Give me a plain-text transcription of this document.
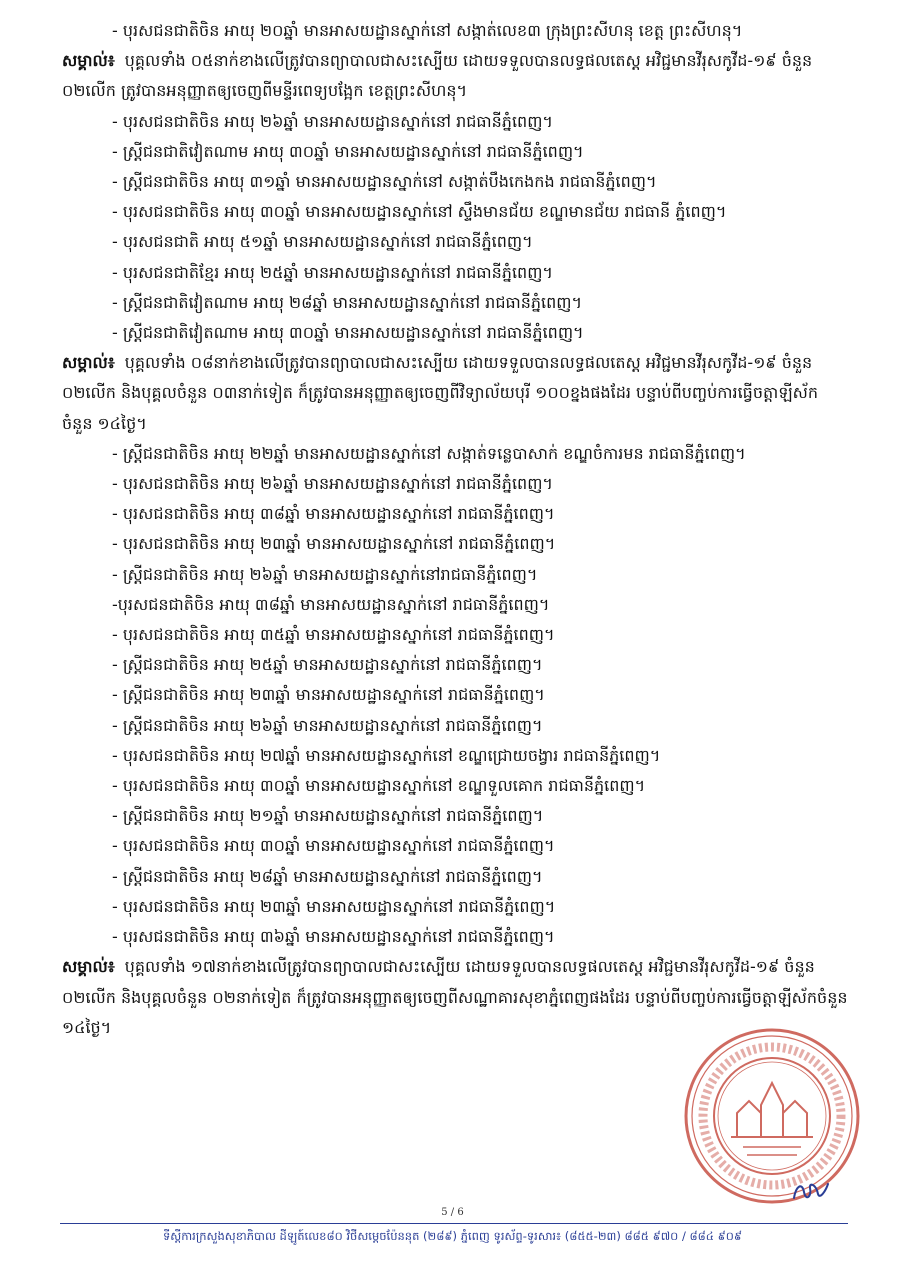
- បុរសជនជាតិចិន អាយុ ២០ឆ្នាំ មានអាសយដ្ឋានស្នាក់នៅ សង្កាត់លេខ៣ ក្រុងព្រះសីហនុ ខេត្ត ព្រះសីហនុ។
សម្គាល់៖ បុគ្គលទាំង ០៥នាក់ខាងលើត្រូវបានព្យាបាលជាសះស្បើយ ដោយទទួលបានលទ្ធផលតេស្ត អវិជ្ជមានវីរុសកូវីដ-១៩ ចំនួន ០២លើក ត្រូវបានអនុញ្ញាតឲ្យចេញពីមន្ទីរពេទ្យបង្អែក ខេត្តព្រះសីហនុ។
- បុរសជនជាតិចិន អាយុ ២៦ឆ្នាំ មានអាសយដ្ឋានស្នាក់នៅ រាជធានីភ្នំពេញ។
- ស្ត្រីជនជាតិវៀតណាម អាយុ ៣០ឆ្នាំ មានអាសយដ្ឋានស្នាក់នៅ រាជធានីភ្នំពេញ។
- ស្ត្រីជនជាតិចិន អាយុ ៣១ឆ្នាំ មានអាសយដ្ឋានស្នាក់នៅ សង្កាត់បឹងកេងកង រាជធានីភ្នំពេញ។
- បុរសជនជាតិចិន អាយុ ៣០ឆ្នាំ មានអាសយដ្ឋានស្នាក់នៅ ស្ទឹងមានជ័យ ខណ្ឌមានជ័យ រាជធានី ភ្នំពេញ។
- បុរសជនជាតិ អាយុ ៥១ឆ្នាំ មានអាសយដ្ឋានស្នាក់នៅ រាជធានីភ្នំពេញ។
- បុរសជនជាតិខ្មែរ អាយុ ២៥ឆ្នាំ មានអាសយដ្ឋានស្នាក់នៅ រាជធានីភ្នំពេញ។
- ស្ត្រីជនជាតិវៀតណាម អាយុ ២៨ឆ្នាំ មានអាសយដ្ឋានស្នាក់នៅ រាជធានីភ្នំពេញ។
- ស្ត្រីជនជាតិវៀតណាម អាយុ ៣០ឆ្នាំ មានអាសយដ្ឋានស្នាក់នៅ រាជធានីភ្នំពេញ។
សម្គាល់៖ បុគ្គលទាំង ០៨នាក់ខាងលើត្រូវបានព្យាបាលជាសះស្បើយ ដោយទទួលបានលទ្ធផលតេស្ត អវិជ្ជមានវីរុសកូវីដ-១៩ ចំនួន ០២លើក និងបុគ្គលចំនួន ០៣នាក់ទៀត ក៏ត្រូវបានអនុញ្ញាតឲ្យចេញពីវិទ្យាល័យបុរី ១០០ខ្នងផងដែរ បន្ទាប់ពីបញ្ចប់ការធ្វើចត្តាឡីស័កចំនួន ១៤ថ្ងៃ។
- ស្ត្រីជនជាតិចិន អាយុ ២២ឆ្នាំ មានអាសយដ្ឋានស្នាក់នៅ សង្កាត់ទន្លេបាសាក់ ខណ្ឌចំការមន រាជធានីភ្នំពេញ។
- បុរសជនជាតិចិន អាយុ ២៦ឆ្នាំ មានអាសយដ្ឋានស្នាក់នៅ រាជធានីភ្នំពេញ។
- បុរសជនជាតិចិន អាយុ ៣៨ឆ្នាំ មានអាសយដ្ឋានស្នាក់នៅ រាជធានីភ្នំពេញ។
- បុរសជនជាតិចិន អាយុ ២៣ឆ្នាំ មានអាសយដ្ឋានស្នាក់នៅ រាជធានីភ្នំពេញ។
- ស្ត្រីជនជាតិចិន អាយុ ២៦ឆ្នាំ មានអាសយដ្ឋានស្នាក់នៅរាជធានីភ្នំពេញ។
-បុរសជនជាតិចិន អាយុ ៣៨ឆ្នាំ មានអាសយដ្ឋានស្នាក់នៅ រាជធានីភ្នំពេញ។
- បុរសជនជាតិចិន អាយុ ៣៥ឆ្នាំ មានអាសយដ្ឋានស្នាក់នៅ រាជធានីភ្នំពេញ។
- ស្ត្រីជនជាតិចិន អាយុ ២៥ឆ្នាំ មានអាសយដ្ឋានស្នាក់នៅ រាជធានីភ្នំពេញ។
- ស្ត្រីជនជាតិចិន អាយុ ២៣ឆ្នាំ មានអាសយដ្ឋានស្នាក់នៅ រាជធានីភ្នំពេញ។
- ស្ត្រីជនជាតិចិន អាយុ ២៦ឆ្នាំ មានអាសយដ្ឋានស្នាក់នៅ រាជធានីភ្នំពេញ។
- បុរសជនជាតិចិន អាយុ ២៧ឆ្នាំ មានអាសយដ្ឋានស្នាក់នៅ ខណ្ឌជ្រោយចង្វារ រាជធានីភ្នំពេញ។
- បុរសជនជាតិចិន អាយុ ៣០ឆ្នាំ មានអាសយដ្ឋានស្នាក់នៅ ខណ្ឌទួលគោក រាជធានីភ្នំពេញ។
- ស្ត្រីជនជាតិចិន អាយុ ២១ឆ្នាំ មានអាសយដ្ឋានស្នាក់នៅ រាជធានីភ្នំពេញ។
- បុរសជនជាតិចិន អាយុ ៣០ឆ្នាំ មានអាសយដ្ឋានស្នាក់នៅ រាជធានីភ្នំពេញ។
- ស្ត្រីជនជាតិចិន អាយុ ២៨ឆ្នាំ មានអាសយដ្ឋានស្នាក់នៅ រាជធានីភ្នំពេញ។
- បុរសជនជាតិចិន អាយុ ២៣ឆ្នាំ មានអាសយដ្ឋានស្នាក់នៅ រាជធានីភ្នំពេញ។
- បុរសជនជាតិចិន អាយុ ៣៦ឆ្នាំ មានអាសយដ្ឋានស្នាក់នៅ រាជធានីភ្នំពេញ។
សម្គាល់៖ បុគ្គលទាំង ១៧នាក់ខាងលើត្រូវបានព្យាបាលជាសះស្បើយ ដោយទទួលបានលទ្ធផលតេស្ត អវិជ្ជមានវីរុសកូវីដ-១៩ ចំនួន ០២លើក និងបុគ្គលចំនួន ០២នាក់ទៀត ក៏ត្រូវបានអនុញ្ញាតឲ្យចេញពីសណ្ឋាគារសុខាភ្នំពេញផងដែរ បន្ទាប់ពីបញ្ចប់ការធ្វើចត្តាឡីស័កចំនួន ១៤ថ្ងៃ។
5 / 6
ទីស្តីការក្រសួងសុខាភិបាល ដីឡូត៍លេខ៨០ វិថីសម្តេចប៉ែននុត (២៨៩) ភ្នំពេញ ទូរស័ព្ទ-ទូរសារ៖ (៨៥៥-២៣) ៨៨៥ ៩៧០ / ៨៨៤ ៩០៩
